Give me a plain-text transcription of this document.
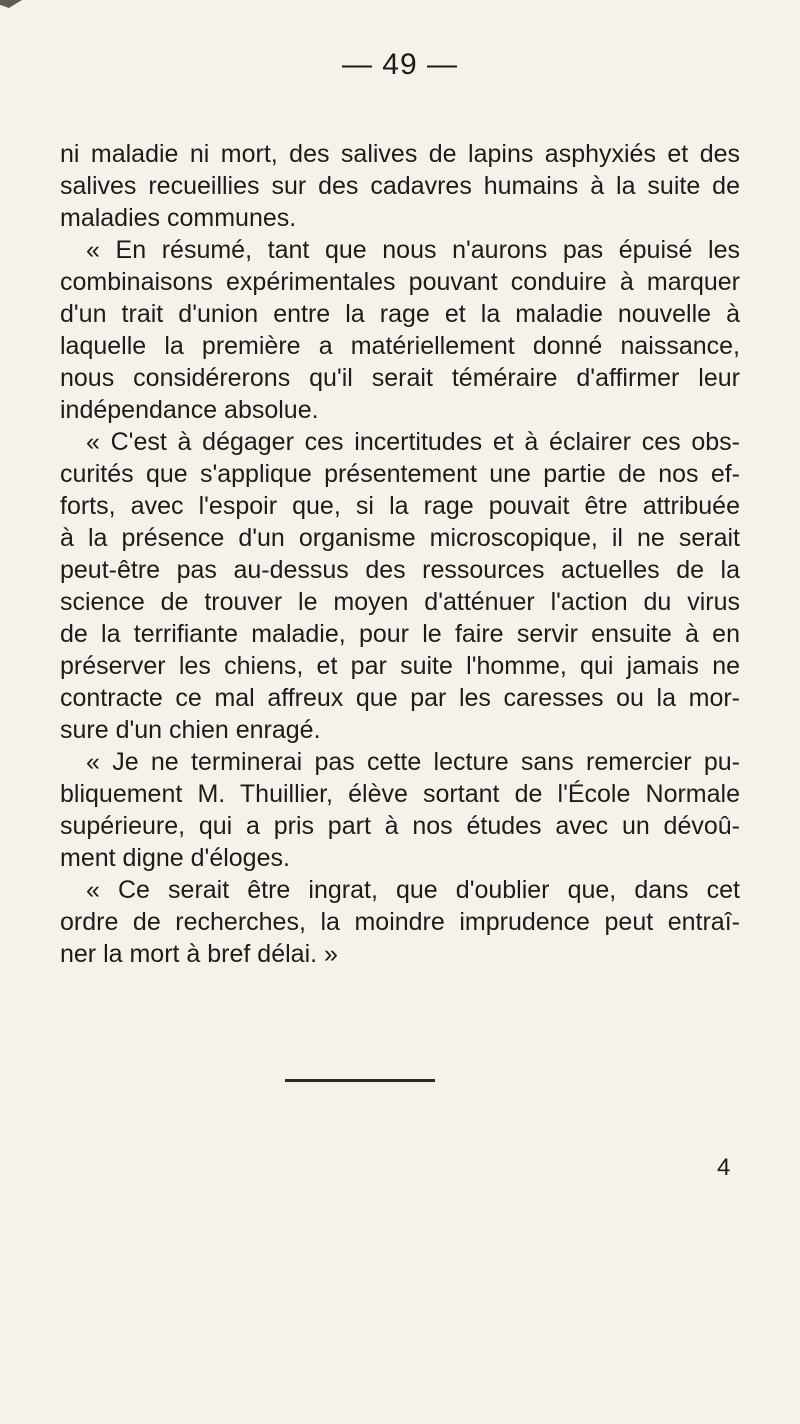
— 49 —
ni maladie ni mort, des salives de lapins asphyxiés et des
salives recueillies sur des cadavres humains à la suite de
maladies communes.
« En résumé, tant que nous n'aurons pas épuisé les
combinaisons expérimentales pouvant conduire à marquer
d'un trait d'union entre la rage et la maladie nouvelle à
laquelle la première a matériellement donné naissance,
nous considérerons qu'il serait téméraire d'affirmer leur
indépendance absolue.
« C'est à dégager ces incertitudes et à éclairer ces obs-
curités que s'applique présentement une partie de nos ef-
forts, avec l'espoir que, si la rage pouvait être attribuée
à la présence d'un organisme microscopique, il ne serait
peut-être pas au-dessus des ressources actuelles de la
science de trouver le moyen d'atténuer l'action du virus
de la terrifiante maladie, pour le faire servir ensuite à en
préserver les chiens, et par suite l'homme, qui jamais ne
contracte ce mal affreux que par les caresses ou la mor-
sure d'un chien enragé.
« Je ne terminerai pas cette lecture sans remercier pu-
bliquement M. Thuillier, élève sortant de l'École Normale
supérieure, qui a pris part à nos études avec un dévoû-
ment digne d'éloges.
« Ce serait être ingrat, que d'oublier que, dans cet
ordre de recherches, la moindre imprudence peut entraî-
ner la mort à bref délai. »
4
